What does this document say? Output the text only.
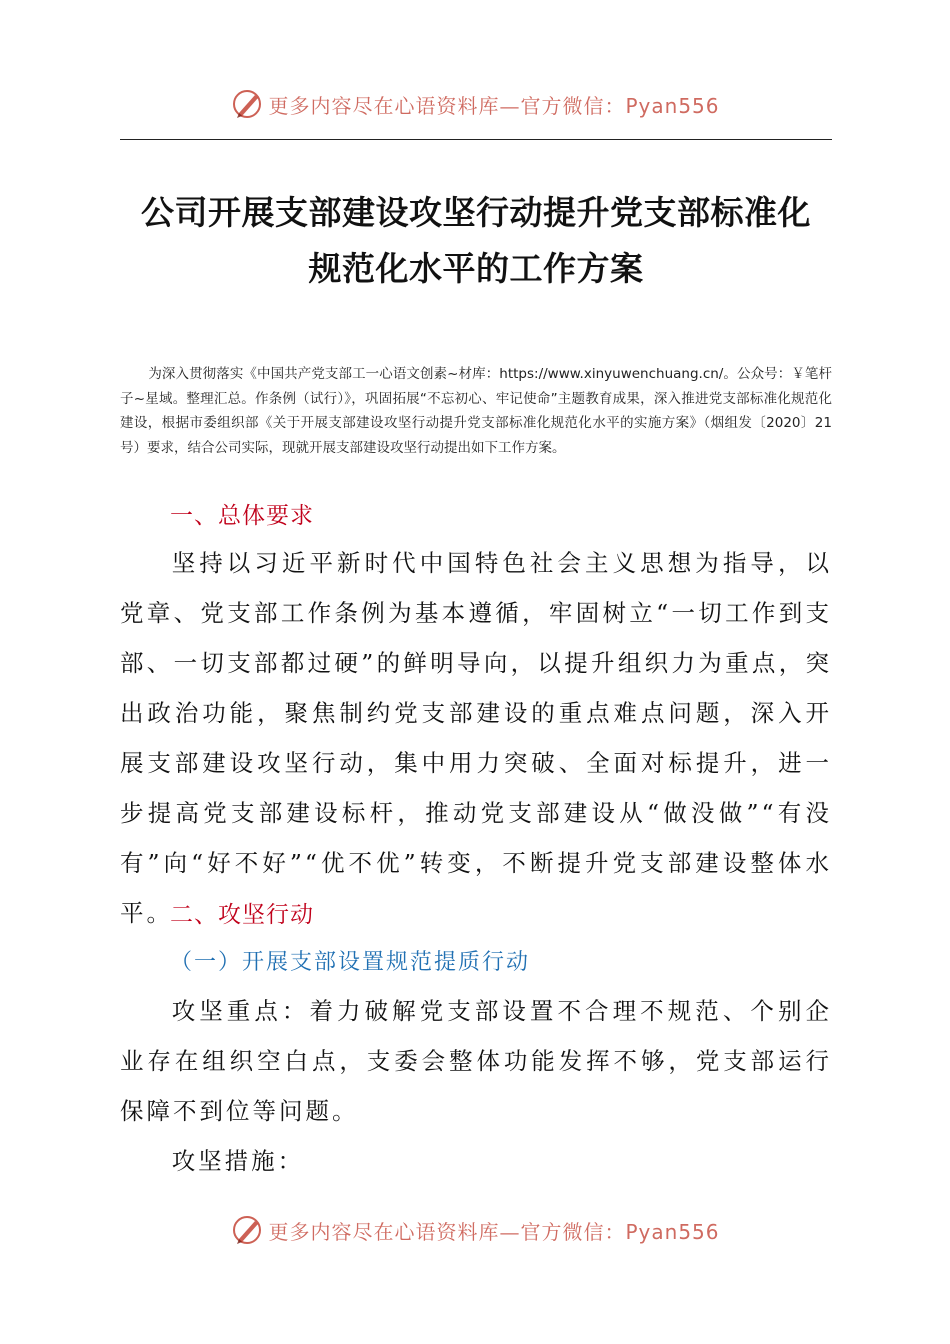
更多内容尽在心语资料库—官方微信：Pyan556
公司开展支部建设攻坚行动提升党支部标准化
规范化水平的工作方案
为深入贯彻落实《中国共产党支部工一心语文创素~材库：https://www.xinyuwenchuang.cn/。公众号：￥笔杆子~星域。整理汇总。作条例（试行）》，巩固拓展“不忘初心、牢记使命”主题教育成果，深入推进党支部标准化规范化建设，根据市委组织部《关于开展支部建设攻坚行动提升党支部标准化规范化水平的实施方案》（烟组发〔2020〕21号）要求，结合公司实际，现就开展支部建设攻坚行动提出如下工作方案。
一、总体要求
坚持以习近平新时代中国特色社会主义思想为指导，以党章、党支部工作条例为基本遵循，牢固树立“一切工作到支部、一切支部都过硬”的鲜明导向，以提升组织力为重点，突出政治功能，聚焦制约党支部建设的重点难点问题，深入开展支部建设攻坚行动，集中用力突破、全面对标提升，进一步提高党支部建设标杆，推动党支部建设从“做没做”“有没有”向“好不好”“优不优”转变，不断提升党支部建设整体水平。
二、攻坚行动
（一）开展支部设置规范提质行动
攻坚重点：着力破解党支部设置不合理不规范、个别企业存在组织空白点，支委会整体功能发挥不够，党支部运行保障不到位等问题。
攻坚措施：
更多内容尽在心语资料库—官方微信：Pyan556
